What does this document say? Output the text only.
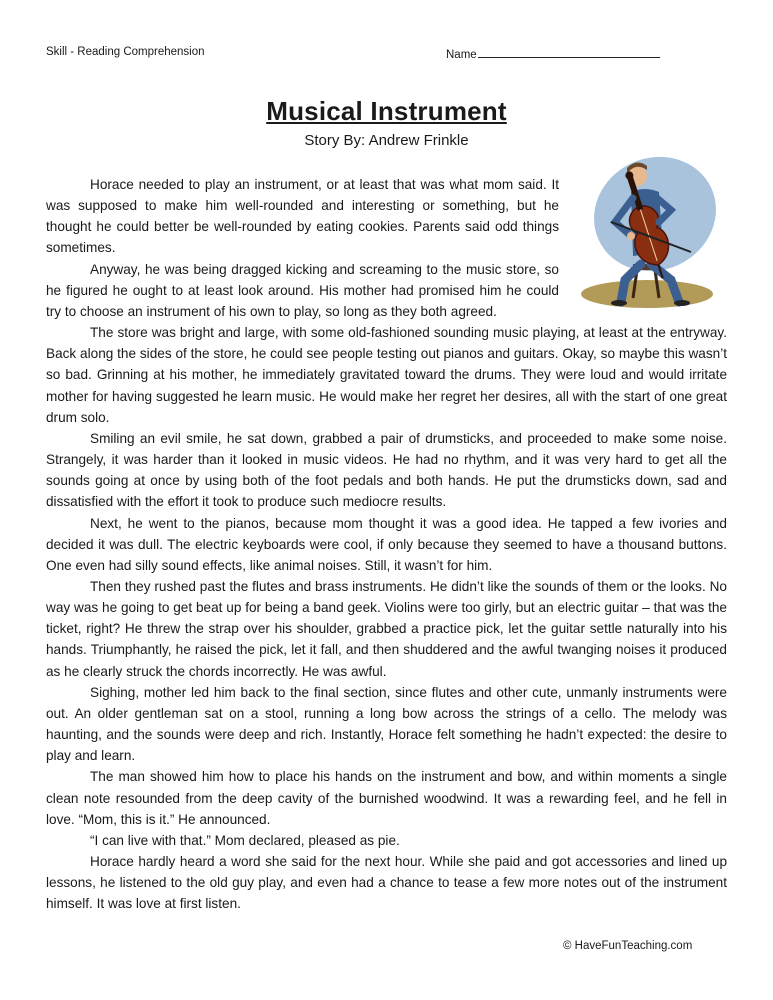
Skill - Reading Comprehension	Name
Musical Instrument
Story By: Andrew Frinkle

Horace needed to play an instrument, or at least that was what mom said. It was supposed to make him well-rounded and interesting or something, but he thought he could better be well-rounded by eating cookies. Parents said odd things sometimes.

Anyway, he was being dragged kicking and screaming to the music store, so he figured he ought to at least look around. His mother had promised him he could try to choose an instrument of his own to play, so long as they both agreed.

The store was bright and large, with some old-fashioned sounding music playing, at least at the entryway. Back along the sides of the store, he could see people testing out pianos and guitars. Okay, so maybe this wasn’t so bad. Grinning at his mother, he immediately gravitated toward the drums. They were loud and would irritate mother for having suggested he learn music. He would make her regret her desires, all with the start of one great drum solo.

Smiling an evil smile, he sat down, grabbed a pair of drumsticks, and proceeded to make some noise. Strangely, it was harder than it looked in music videos. He had no rhythm, and it was very hard to get all the sounds going at once by using both of the foot pedals and both hands. He put the drumsticks down, sad and dissatisfied with the effort it took to produce such mediocre results.

Next, he went to the pianos, because mom thought it was a good idea. He tapped a few ivories and decided it was dull. The electric keyboards were cool, if only because they seemed to have a thousand buttons. One even had silly sound effects, like animal noises. Still, it wasn’t for him.

Then they rushed past the flutes and brass instruments. He didn’t like the sounds of them or the looks. No way was he going to get beat up for being a band geek. Violins were too girly, but an electric guitar – that was the ticket, right? He threw the strap over his shoulder, grabbed a practice pick, let the guitar settle naturally into his hands. Triumphantly, he raised the pick, let it fall, and then shuddered and the awful twanging noises it produced as he clearly struck the chords incorrectly. He was awful.

Sighing, mother led him back to the final section, since flutes and other cute, unmanly instruments were out. An older gentleman sat on a stool, running a long bow across the strings of a cello. The melody was haunting, and the sounds were deep and rich. Instantly, Horace felt something he hadn’t expected: the desire to play and learn.

The man showed him how to place his hands on the instrument and bow, and within moments a single clean note resounded from the deep cavity of the burnished woodwind. It was a rewarding feel, and he fell in love. “Mom, this is it.” He announced.

“I can live with that.” Mom declared, pleased as pie.

Horace hardly heard a word she said for the next hour. While she paid and got accessories and lined up lessons, he listened to the old guy play, and even had a chance to tease a few more notes out of the instrument himself. It was love at first listen.

© HaveFunTeaching.com
